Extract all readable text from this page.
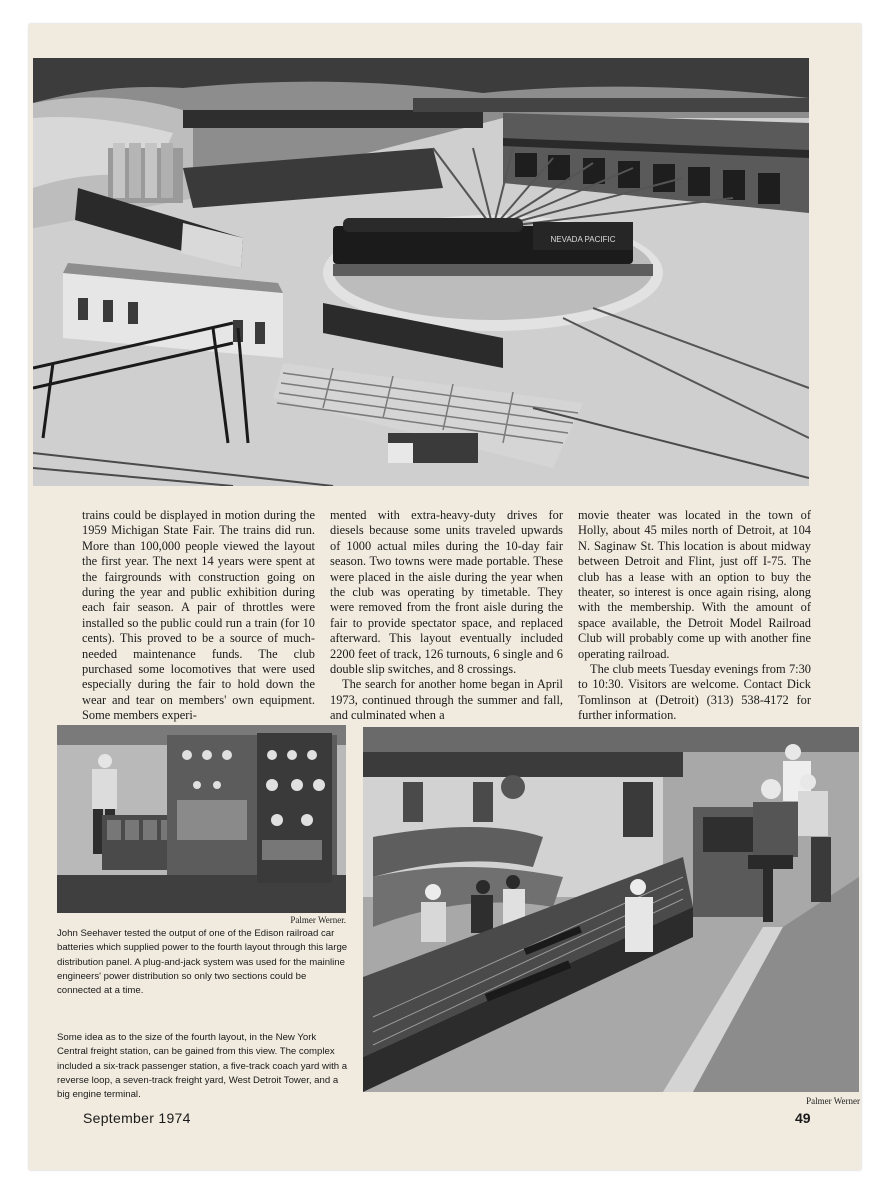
NEVADA PACIFIC

trains could be displayed in motion during the 1959 Michigan State Fair. The trains did run. More than 100,000 people viewed the layout the first year. The next 14 years were spent at the fairgrounds with construction going on during the year and public exhibition during each fair season. A pair of throttles were installed so the public could run a train (for 10 cents). This proved to be a source of much-needed maintenance funds. The club purchased some locomotives that were used especially during the fair to hold down the wear and tear on members' own equipment. Some members experi-

mented with extra-heavy-duty drives for diesels because some units traveled upwards of 1000 actual miles during the 10-day fair season. Two towns were made portable. These were placed in the aisle during the year when the club was operating by timetable. They were removed from the front aisle during the fair to provide spectator space, and replaced afterward. This layout eventually included 2200 feet of track, 126 turnouts, 6 single and 6 double slip switches, and 8 crossings.

The search for another home began in April 1973, continued through the summer and fall, and culminated when a

movie theater was located in the town of Holly, about 45 miles north of Detroit, at 104 N. Saginaw St. This location is about midway between Detroit and Flint, just off I-75. The club has a lease with an option to buy the theater, so interest is once again rising, along with the membership. With the amount of space available, the Detroit Model Railroad Club will probably come up with another fine operating railroad.

The club meets Tuesday evenings from 7:30 to 10:30. Visitors are welcome. Contact Dick Tomlinson at (Detroit) (313) 538-4172 for further information.

Palmer Werner.
John Seehaver tested the output of one of the Edison railroad car batteries which supplied power to the fourth layout through this large distribution panel. A plug-and-jack system was used for the mainline engineers' power distribution so only two sections could be connected at a time.
Some idea as to the size of the fourth layout, in the New York Central freight station, can be gained from this view. The complex included a six-track passenger station, a five-track coach yard with a reverse loop, a seven-track freight yard, West Detroit Tower, and a big engine terminal.
Palmer Werner
September 1974	49
